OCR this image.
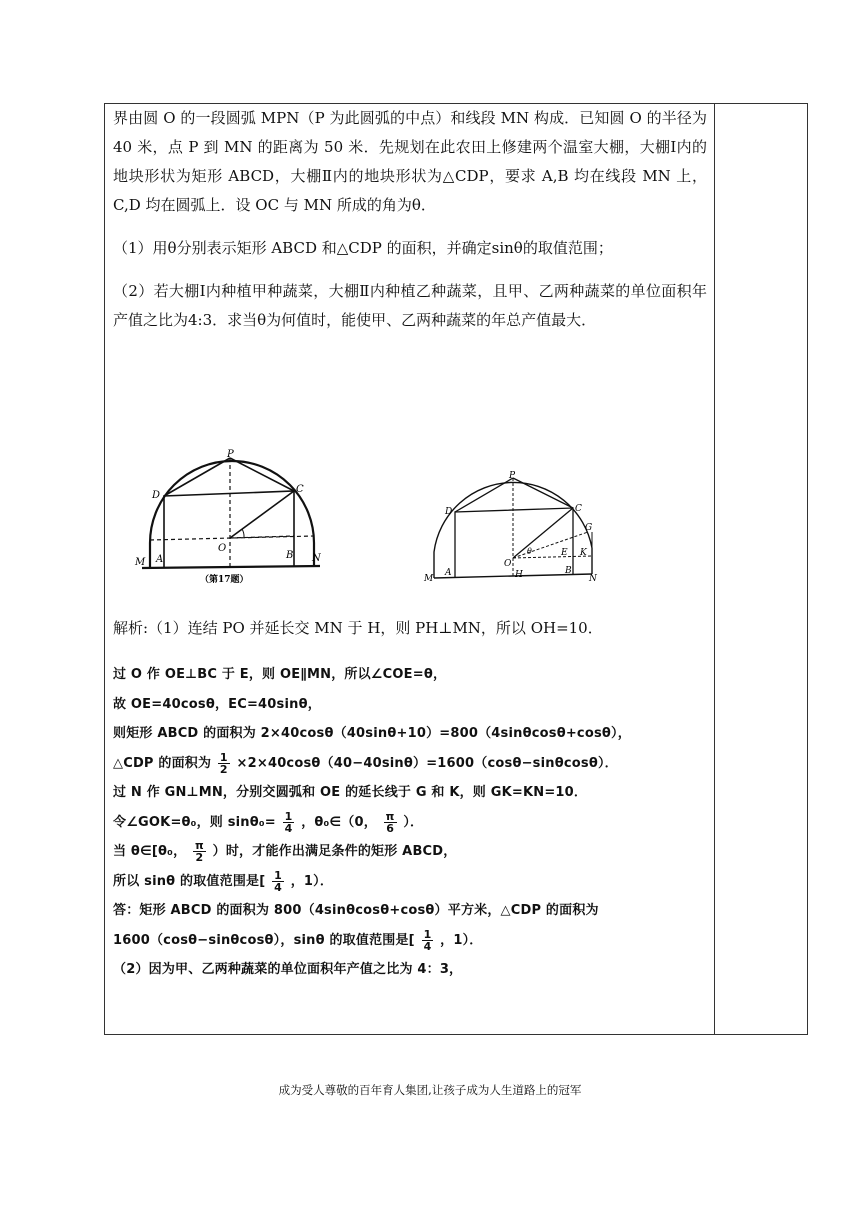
界由圆 O 的一段圆弧 MPN（P 为此圆弧的中点）和线段 MN 构成．已知圆 O 的半径为 40 米，点 P 到 MN 的距离为 50 米．先规划在此农田上修建两个温室大棚，大棚Ⅰ内的地块形状为矩形 ABCD，大棚Ⅱ内的地块形状为△CDP，要求 A,B 均在线段 MN 上， C,D 均在圆弧上．设 OC 与 MN 所成的角为θ．

（1）用θ分别表示矩形 ABCD 和△CDP 的面积，并确定sinθ的取值范围；

（2）若大棚Ⅰ内种植甲种蔬菜，大棚Ⅱ内种植乙种蔬菜，且甲、乙两种蔬菜的单位面积年产值之比为4:3．求当θ为何值时，能使甲、乙两种蔬菜的年总产值最大．

P
D
C
O
M A	B N
（第17题）
P
D	C
G
O
θ	E K
H
M
A	B
N

解析:（1）连结 PO 并延长交 MN 于 H，则 PH⊥MN，所以 OH=10．

过 O 作 OE⊥BC 于 E，则 OE∥MN，所以∠COE=θ，

故 OE=40cosθ，EC=40sinθ，

则矩形 ABCD 的面积为 2×40cosθ（40sinθ+10）=800（4sinθcosθ+cosθ），

△CDP 的面积为 $\frac{1}{2} \times 2\times 40\cos\theta(40-40\sin\theta)=1600(\cos\theta-\sin\theta\cos\theta)$．

过 N 作 GN⊥MN，分别交圆弧和 OE 的延长线于 G 和 K，则 GK=KN=10．

令∠GOK=θ₀，则 $\sin\theta_0= \frac{1}{4}$ ，θ₀∈（0， $\frac{\pi}{6}$ ）．

当 θ∈[θ₀， $\frac{\pi}{2}$ ）时，才能作出满足条件的矩形 ABCD，

所以 sinθ 的取值范围是[ $\frac{1}{4}$ ，1）．

答：矩形 ABCD 的面积为 800（4sinθcosθ+cosθ）平方米，△CDP 的面积为

1600（cosθ−sinθcosθ），sinθ 的取值范围是[ $\frac{1}{4}$ ，1）．

（2）因为甲、乙两种蔬菜的单位面积年产值之比为 4：3，

成为受人尊敬的百年育人集团,让孩子成为人生道路上的冠军
